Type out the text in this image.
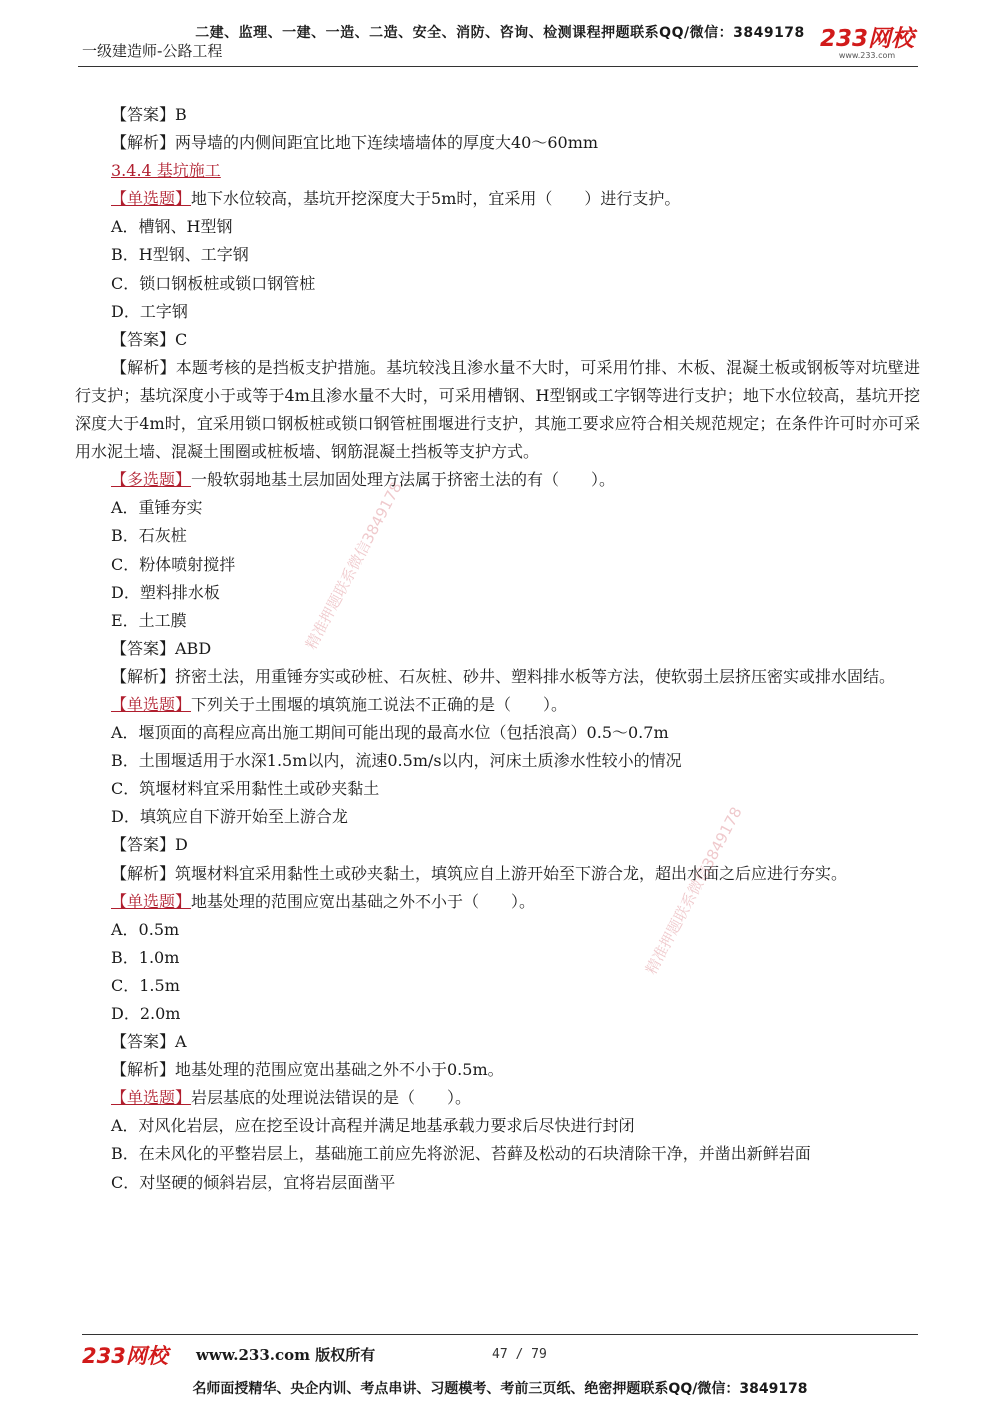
二建、监理、一建、一造、二造、安全、消防、咨询、检测课程押题联系QQ/微信：3849178
一级建造师-公路工程	233网校
www.233.com
【答案】B
【解析】两导墙的内侧间距宜比地下连续墙墙体的厚度大40～60mm
3.4.4 基坑施工
【单选题】地下水位较高，基坑开挖深度大于5m时，宜采用（　　）进行支护。
A．槽钢、H型钢
B．H型钢、工字钢
C．锁口钢板桩或锁口钢管桩
D．工字钢
【答案】C
【解析】本题考核的是挡板支护措施。基坑较浅且渗水量不大时，可采用竹排、木板、混凝土板或钢板等对坑壁进行支护；基坑深度小于或等于4m且渗水量不大时，可采用槽钢、H型钢或工字钢等进行支护；地下水位较高，基坑开挖深度大于4m时，宜采用锁口钢板桩或锁口钢管桩围堰进行支护，其施工要求应符合相关规范规定；在条件许可时亦可采用水泥土墙、混凝土围圈或桩板墙、钢筋混凝土挡板等支护方式。
【多选题】一般软弱地基土层加固处理方法属于挤密土法的有（　　）。
A．重锤夯实
B．石灰桩
C．粉体喷射搅拌
D．塑料排水板
E．土工膜
【答案】ABD
【解析】挤密土法，用重锤夯实或砂桩、石灰桩、砂井、塑料排水板等方法，使软弱土层挤压密实或排水固结。
【单选题】下列关于土围堰的填筑施工说法不正确的是（　　）。
A．堰顶面的高程应高出施工期间可能出现的最高水位（包括浪高）0.5～0.7m
B．土围堰适用于水深1.5m以内，流速0.5m/s以内，河床土质渗水性较小的情况
C．筑堰材料宜采用黏性土或砂夹黏土
D．填筑应自下游开始至上游合龙
【答案】D
【解析】筑堰材料宜采用黏性土或砂夹黏土，填筑应自上游开始至下游合龙，超出水面之后应进行夯实。
【单选题】地基处理的范围应宽出基础之外不小于（　　）。
A．0.5m
B．1.0m
C．1.5m
D．2.0m
【答案】A
【解析】地基处理的范围应宽出基础之外不小于0.5m。
【单选题】岩层基底的处理说法错误的是（　　）。
A．对风化岩层，应在挖至设计高程并满足地基承载力要求后尽快进行封闭
B．在未风化的平整岩层上，基础施工前应先将淤泥、苔藓及松动的石块清除干净，并凿出新鲜岩面
C．对坚硬的倾斜岩层，宜将岩层面凿平
精准押题联系微信3849178
精准押题联系微信3849178
233网校 www.233.com 版权所有	47 / 79
名师面授精华、央企内训、考点串讲、习题模考、考前三页纸、绝密押题联系QQ/微信：3849178
